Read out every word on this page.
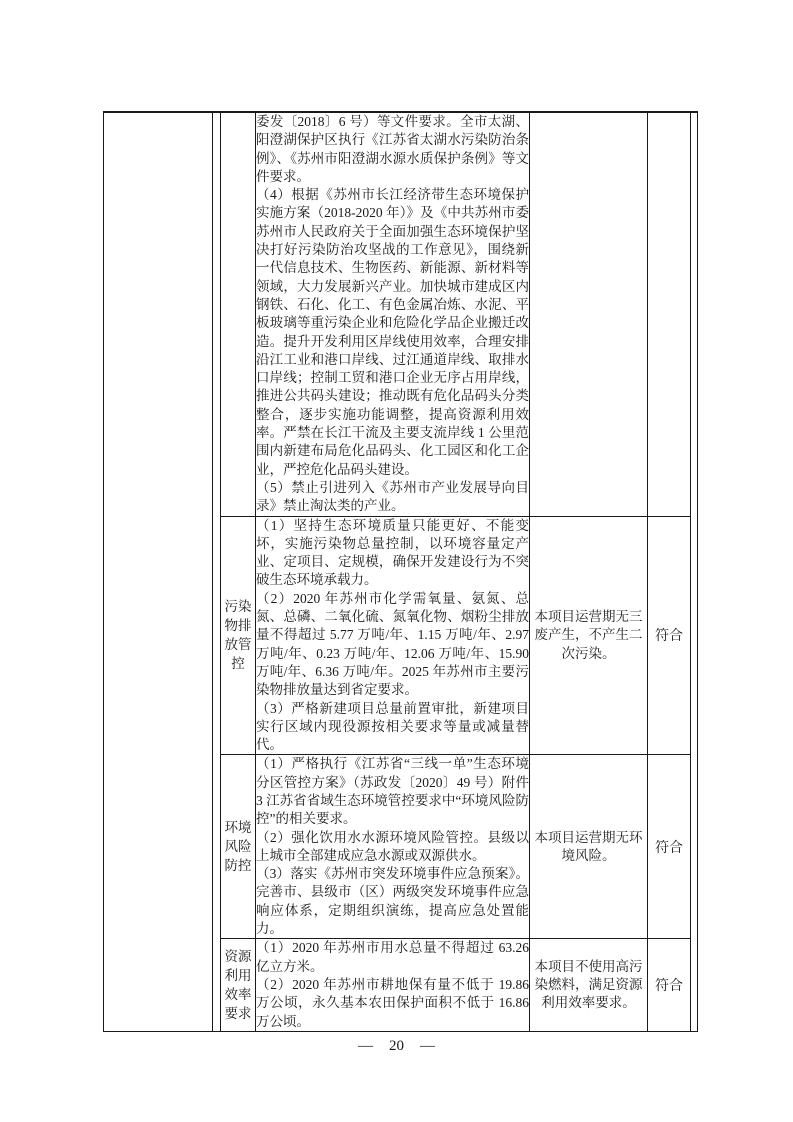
			委发〔2018〕6 号）等文件要求。全市太湖、阳澄湖保护区执行《江苏省太湖水污染防治条例》、《苏州市阳澄湖水源水质保护条例》等文件要求。
（4）根据《苏州市长江经济带生态环境保护实施方案（2018-2020 年）》及《中共苏州市委苏州市人民政府关于全面加强生态环境保护坚决打好污染防治攻坚战的工作意见》，围绕新一代信息技术、生物医药、新能源、新材料等领域，大力发展新兴产业。加快城市建成区内钢铁、石化、化工、有色金属冶炼、水泥、平板玻璃等重污染企业和危险化学品企业搬迁改造。提升开发利用区岸线使用效率，合理安排沿江工业和港口岸线、过江通道岸线、取排水口岸线；控制工贸和港口企业无序占用岸线，推进公共码头建设；推动既有危化品码头分类整合，逐步实施功能调整，提高资源利用效率。严禁在长江干流及主要支流岸线 1 公里范围内新建布局危化品码头、化工园区和化工企业，严控危化品码头建设。
（5）禁止引进列入《苏州市产业发展导向目录》禁止淘汰类的产业。			

		污染物排放管控	（1）坚持生态环境质量只能更好、不能变坏，实施污染物总量控制，以环境容量定产业、定项目、定规模，确保开发建设行为不突破生态环境承载力。
（2）2020 年苏州市化学需氧量、氨氮、总氮、总磷、二氧化硫、氮氧化物、烟粉尘排放量不得超过 5.77 万吨/年、1.15 万吨/年、2.97 万吨/年、0.23 万吨/年、12.06 万吨/年、15.90 万吨/年、6.36 万吨/年。2025 年苏州市主要污染物排放量达到省定要求。
（3）严格新建项目总量前置审批，新建项目实行区域内现役源按相关要求等量或减量替代。	本项目运营期无三废产生，不产生二次污染。	符合	
		环境风险防控	（1）严格执行《江苏省“三线一单”生态环境分区管控方案》（苏政发〔2020〕49 号）附件 3 江苏省省域生态环境管控要求中“环境风险防控”的相关要求。
（2）强化饮用水水源环境风险管控。县级以上城市全部建成应急水源或双源供水。
（3）落实《苏州市突发环境事件应急预案》。完善市、县级市（区）两级突发环境事件应急响应体系，定期组织演练，提高应急处置能力。	本项目运营期无环境风险。	符合	
		资源利用效率要求	（1）2020 年苏州市用水总量不得超过 63.26 亿立方米。
（2）2020 年苏州市耕地保有量不低于 19.86 万公顷，永久基本农田保护面积不低于 16.86 万公顷。	本项目不使用高污染燃料，满足资源利用效率要求。	符合	
— 20 —
